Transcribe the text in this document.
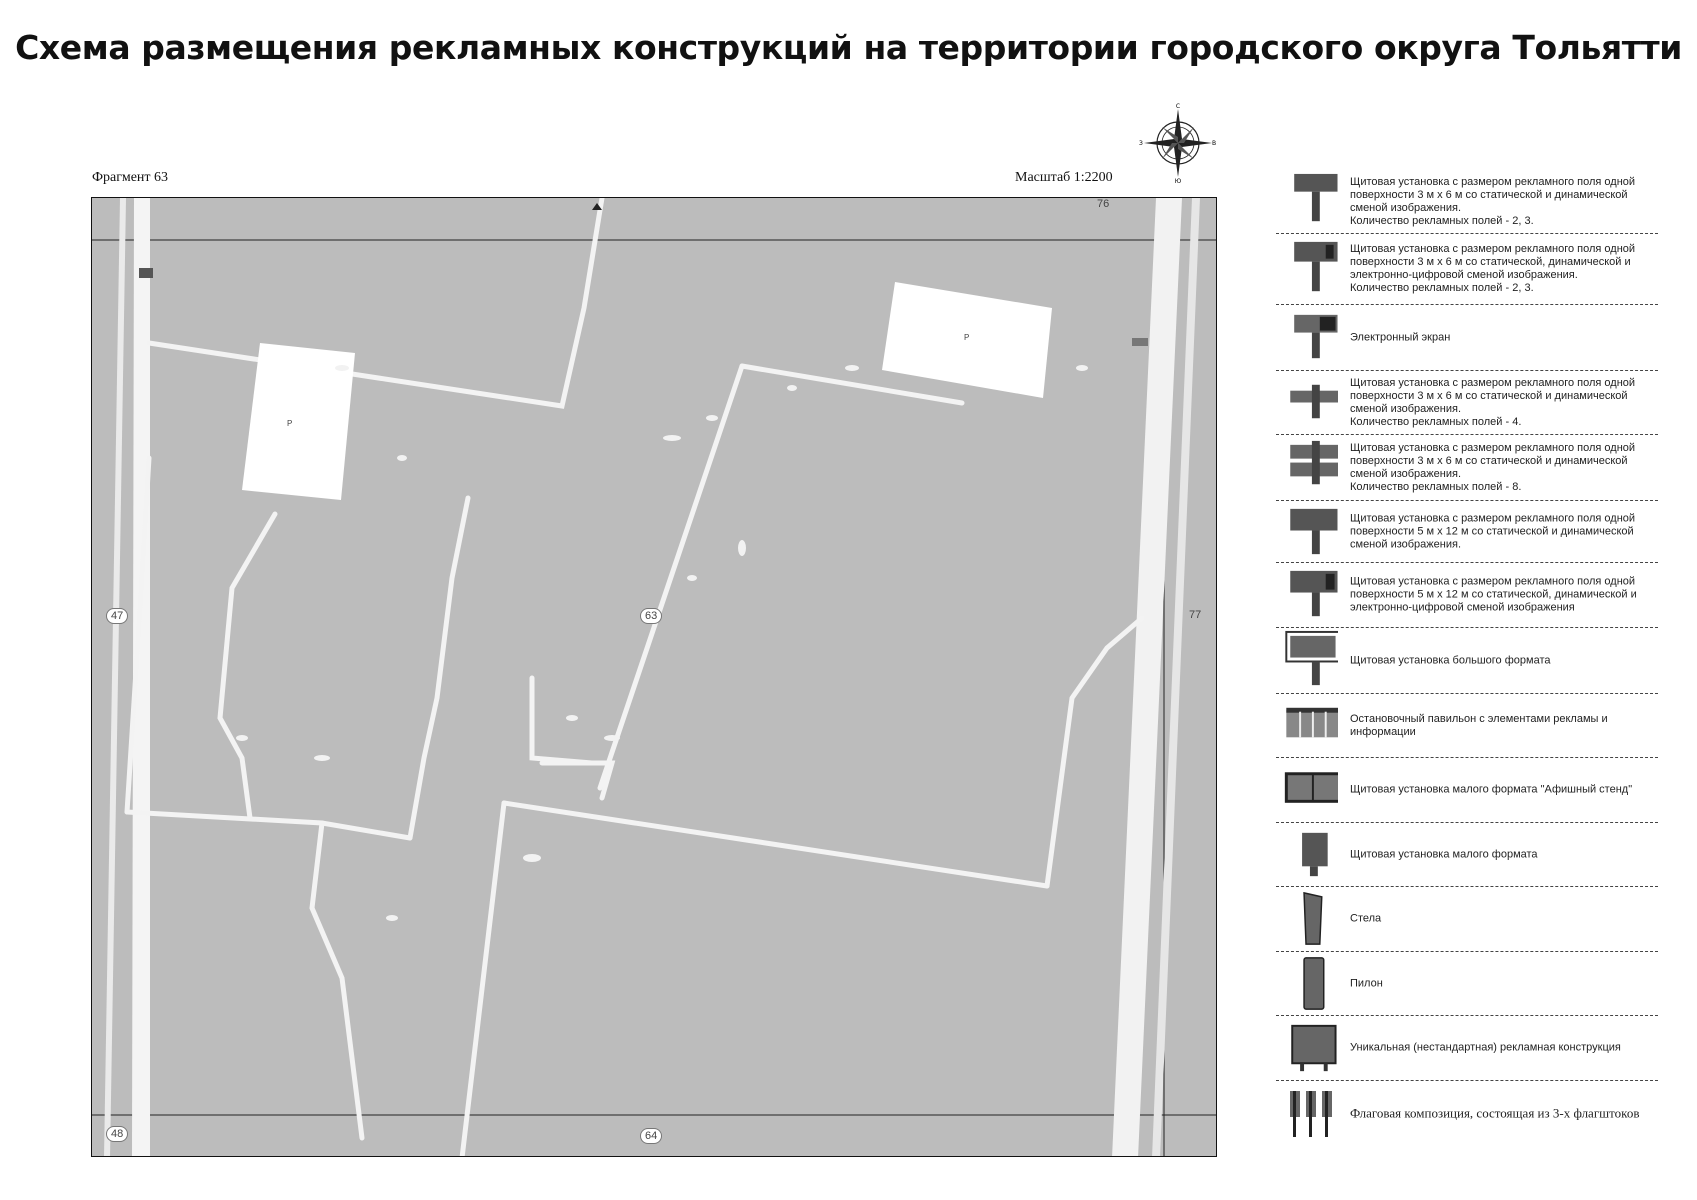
Схема размещения рекламных конструкций на территории городского округа Тольятти
Фрагмент 63	Масштаб 1:2200
С
Ю
З	В
P
P
76
47	63	77
48	64
Щитовая установка с размером рекламного поля одной поверхности 3 м х 6 м со статической и динамической сменой изображения.
Количество рекламных полей - 2, 3.
Щитовая установка с размером рекламного поля одной поверхности 3 м х 6 м со статической, динамической и электронно-цифровой сменой изображения.
Количество рекламных полей - 2, 3.
Электронный экран
Щитовая установка с размером рекламного поля одной поверхности 3 м х 6 м со статической и динамической сменой изображения.
Количество рекламных полей - 4.
Щитовая установка с размером рекламного поля одной поверхности 3 м х 6 м со статической и динамической сменой изображения.
Количество рекламных полей - 8.
Щитовая установка с размером рекламного поля одной поверхности 5 м х 12 м со статической и динамической сменой изображения.
Щитовая установка с размером рекламного поля одной поверхности 5 м х 12 м со статической, динамической и электронно-цифровой сменой изображения
Щитовая установка большого формата
Остановочный павильон с элементами рекламы и информации
Щитовая установка малого формата "Афишный стенд"
Щитовая установка малого формата
Стела
Пилон
Уникальная (нестандартная) рекламная конструкция
Флаговая композиция, состоящая из 3-х флагштоков
